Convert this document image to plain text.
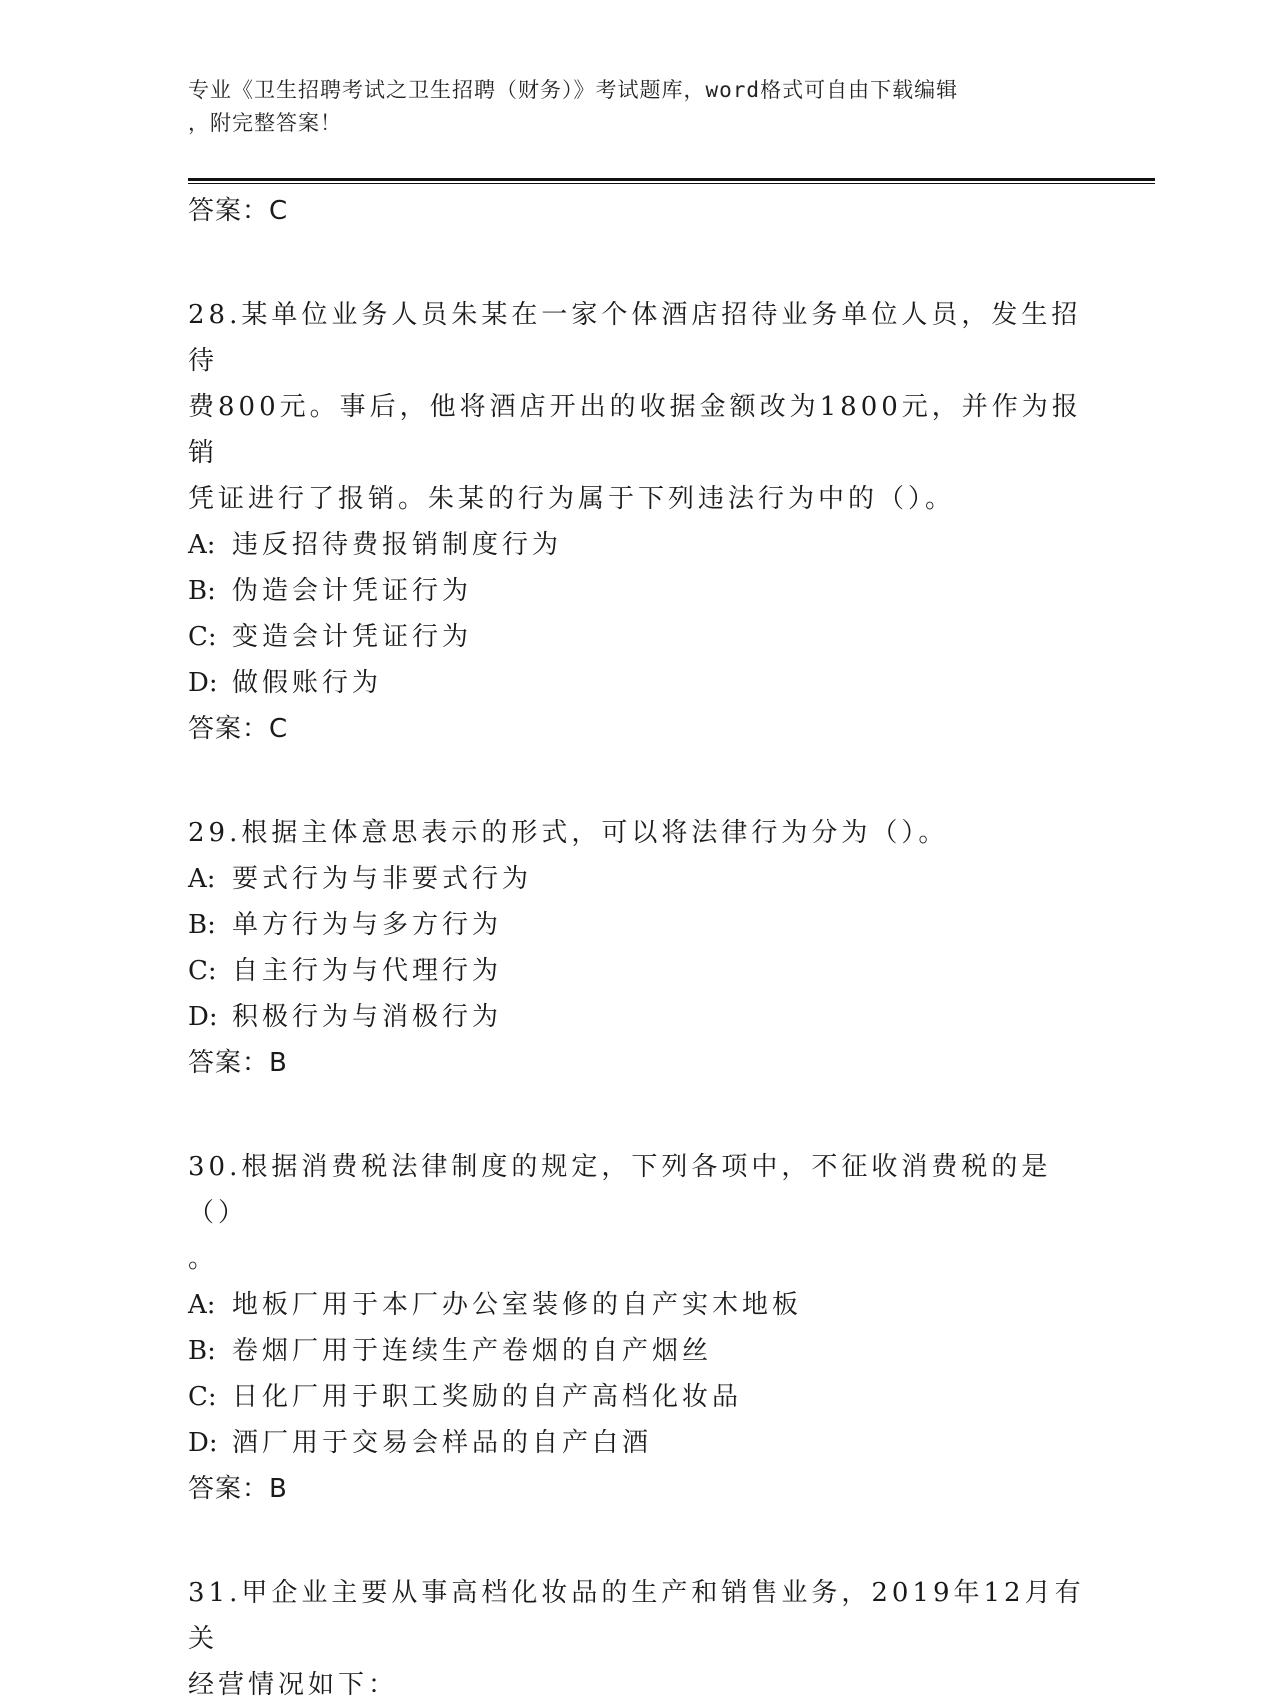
专业《卫生招聘考试之卫生招聘（财务）》考试题库，word格式可自由下载编辑
，附完整答案！
答案：C

28.某单位业务人员朱某在一家个体酒店招待业务单位人员，发生招待

费800元。事后，他将酒店开出的收据金额改为1800元，并作为报销

凭证进行了报销。朱某的行为属于下列违法行为中的（）。

A: 违反招待费报销制度行为

B: 伪造会计凭证行为

C: 变造会计凭证行为

D: 做假账行为

答案：C

29.根据主体意思表示的形式，可以将法律行为分为（）。

A: 要式行为与非要式行为

B: 单方行为与多方行为

C: 自主行为与代理行为

D: 积极行为与消极行为

答案：B

30.根据消费税法律制度的规定，下列各项中，不征收消费税的是（）

。

A: 地板厂用于本厂办公室装修的自产实木地板

B: 卷烟厂用于连续生产卷烟的自产烟丝

C: 日化厂用于职工奖励的自产高档化妆品

D: 酒厂用于交易会样品的自产白酒

答案：B

31.甲企业主要从事高档化妆品的生产和销售业务，2019年12月有关

经营情况如下：
